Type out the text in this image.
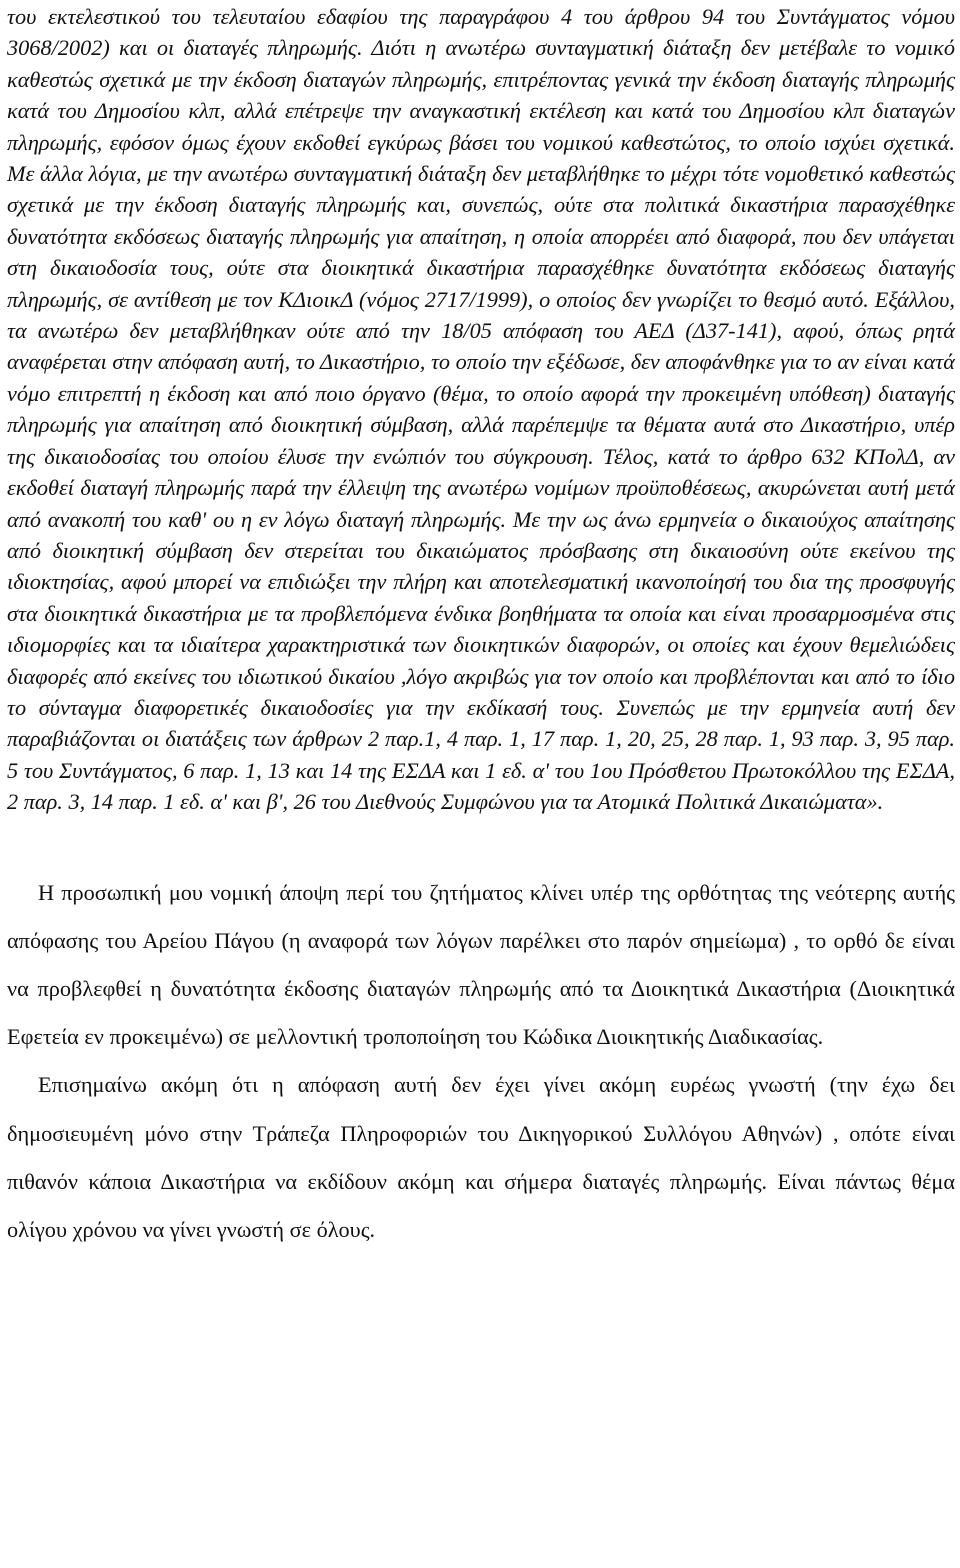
του εκτελεστικού του τελευταίου εδαφίου της παραγράφου 4 του άρθρου 94 του Συντάγματος νόμου 3068/2002) και οι διαταγές πληρωμής. Διότι η ανωτέρω συνταγματική διάταξη δεν μετέβαλε το νομικό καθεστώς σχετικά με την έκδοση διαταγών πληρωμής, επιτρέποντας γενικά την έκδοση διαταγής πληρωμής κατά του Δημοσίου κλπ, αλλά επέτρεψε την αναγκαστική εκτέλεση και κατά του Δημοσίου κλπ διαταγών πληρωμής, εφόσον όμως έχουν εκδοθεί εγκύρως βάσει του νομικού καθεστώτος, το οποίο ισχύει σχετικά. Με άλλα λόγια, με την ανωτέρω συνταγματική διάταξη δεν μεταβλήθηκε το μέχρι τότε νομοθετικό καθεστώς σχετικά με την έκδοση διαταγής πληρωμής και, συνεπώς, ούτε στα πολιτικά δικαστήρια παρασχέθηκε δυνατότητα εκδόσεως διαταγής πληρωμής για απαίτηση, η οποία απορρέει από διαφορά, που δεν υπάγεται στη δικαιοδοσία τους, ούτε στα διοικητικά δικαστήρια παρασχέθηκε δυνατότητα εκδόσεως διαταγής πληρωμής, σε αντίθεση με τον ΚΔιοικΔ (νόμος 2717/1999), ο οποίος δεν γνωρίζει το θεσμό αυτό. Εξάλλου, τα ανωτέρω δεν μεταβλήθηκαν ούτε από την 18/05 απόφαση του ΑΕΔ (Δ37-141), αφού, όπως ρητά αναφέρεται στην απόφαση αυτή, το Δικαστήριο, το οποίο την εξέδωσε, δεν αποφάνθηκε για το αν είναι κατά νόμο επιτρεπτή η έκδοση και από ποιο όργανο (θέμα, το οποίο αφορά την προκειμένη υπόθεση) διαταγής πληρωμής για απαίτηση από διοικητική σύμβαση, αλλά παρέπεμψε τα θέματα αυτά στο Δικαστήριο, υπέρ της δικαιοδοσίας του οποίου έλυσε την ενώπιόν του σύγκρουση. Τέλος, κατά το άρθρο 632 ΚΠολΔ, αν εκδοθεί διαταγή πληρωμής παρά την έλλειψη της ανωτέρω νομίμων προϋποθέσεως, ακυρώνεται αυτή μετά από ανακοπή του καθ' ου η εν λόγω διαταγή πληρωμής. Με την ως άνω ερμηνεία ο δικαιούχος απαίτησης από διοικητική σύμβαση δεν στερείται του δικαιώματος πρόσβασης στη δικαιοσύνη ούτε εκείνου της ιδιοκτησίας, αφού μπορεί να επιδιώξει την πλήρη και αποτελεσματική ικανοποίησή του δια της προσφυγής στα διοικητικά δικαστήρια με τα προβλεπόμενα ένδικα βοηθήματα τα οποία και είναι προσαρμοσμένα στις ιδιομορφίες και τα ιδιαίτερα χαρακτηριστικά των διοικητικών διαφορών, οι οποίες και έχουν θεμελιώδεις διαφορές από εκείνες του ιδιωτικού δικαίου ,λόγο ακριβώς για τον οποίο και προβλέπονται και από το ίδιο το σύνταγμα διαφορετικές δικαιοδοσίες για την εκδίκασή τους. Συνεπώς με την ερμηνεία αυτή δεν παραβιάζονται οι διατάξεις των άρθρων 2 παρ.1, 4 παρ. 1, 17 παρ. 1, 20, 25, 28 παρ. 1, 93 παρ. 3, 95 παρ. 5 του Συντάγματος, 6 παρ. 1, 13 και 14 της ΕΣΔΑ και 1 εδ. α' του 1ου Πρόσθετου Πρωτοκόλλου της ΕΣΔΑ, 2 παρ. 3, 14 παρ. 1 εδ. α' και β', 26 του Διεθνούς Συμφώνου για τα Ατομικά Πολιτικά Δικαιώματα».

Η προσωπική μου νομική άποψη περί του ζητήματος κλίνει υπέρ της ορθότητας της νεότερης αυτής απόφασης του Αρείου Πάγου (η αναφορά των λόγων παρέλκει στο παρόν σημείωμα) , το ορθό δε είναι να προβλεφθεί η δυνατότητα έκδοσης διαταγών πληρωμής από τα Διοικητικά Δικαστήρια (Διοικητικά Εφετεία εν προκειμένω) σε μελλοντική τροποποίηση του Κώδικα Διοικητικής Διαδικασίας.

Επισημαίνω ακόμη ότι η απόφαση αυτή δεν έχει γίνει ακόμη ευρέως γνωστή (την έχω δει δημοσιευμένη μόνο στην Τράπεζα Πληροφοριών του Δικηγορικού Συλλόγου Αθηνών) , οπότε είναι πιθανόν κάποια Δικαστήρια να εκδίδουν ακόμη και σήμερα διαταγές πληρωμής. Είναι πάντως θέμα ολίγου χρόνου να γίνει γνωστή σε όλους.
